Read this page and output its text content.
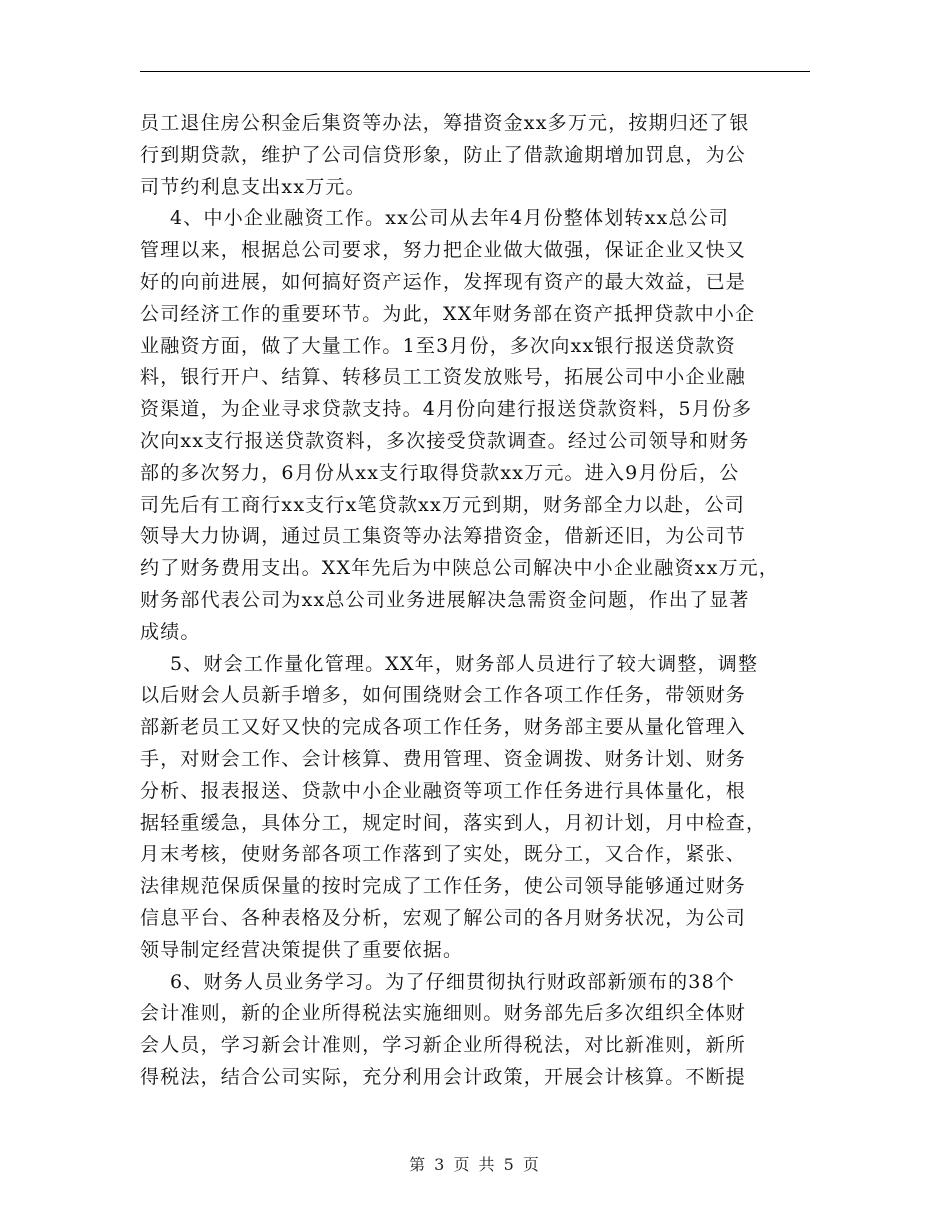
员工退住房公积金后集资等办法，筹措资金xx多万元，按期归还了银
行到期贷款，维护了公司信贷形象，防止了借款逾期增加罚息，为公
司节约利息支出xx万元。
4、中小企业融资工作。xx公司从去年4月份整体划转xx总公司
管理以来，根据总公司要求，努力把企业做大做强，保证企业又快又
好的向前进展，如何搞好资产运作，发挥现有资产的最大效益，已是
公司经济工作的重要环节。为此，XX年财务部在资产抵押贷款中小企
业融资方面，做了大量工作。1至3月份，多次向xx银行报送贷款资
料，银行开户、结算、转移员工工资发放账号，拓展公司中小企业融
资渠道，为企业寻求贷款支持。4月份向建行报送贷款资料，5月份多
次向xx支行报送贷款资料，多次接受贷款调查。经过公司领导和财务
部的多次努力，6月份从xx支行取得贷款xx万元。进入9月份后，公
司先后有工商行xx支行x笔贷款xx万元到期，财务部全力以赴，公司
领导大力协调，通过员工集资等办法筹措资金，借新还旧，为公司节
约了财务费用支出。XX年先后为中陕总公司解决中小企业融资xx万元，
财务部代表公司为xx总公司业务进展解决急需资金问题，作出了显著
成绩。
5、财会工作量化管理。XX年，财务部人员进行了较大调整，调整
以后财会人员新手增多，如何围绕财会工作各项工作任务，带领财务
部新老员工又好又快的完成各项工作任务，财务部主要从量化管理入
手，对财会工作、会计核算、费用管理、资金调拨、财务计划、财务
分析、报表报送、贷款中小企业融资等项工作任务进行具体量化，根
据轻重缓急，具体分工，规定时间，落实到人，月初计划，月中检查，
月末考核，使财务部各项工作落到了实处，既分工，又合作，紧张、
法律规范保质保量的按时完成了工作任务，使公司领导能够通过财务
信息平台、各种表格及分析，宏观了解公司的各月财务状况，为公司
领导制定经营决策提供了重要依据。
6、财务人员业务学习。为了仔细贯彻执行财政部新颁布的38个
会计准则，新的企业所得税法实施细则。财务部先后多次组织全体财
会人员，学习新会计准则，学习新企业所得税法，对比新准则，新所
得税法，结合公司实际，充分利用会计政策，开展会计核算。不断提
第 3 页 共 5 页
